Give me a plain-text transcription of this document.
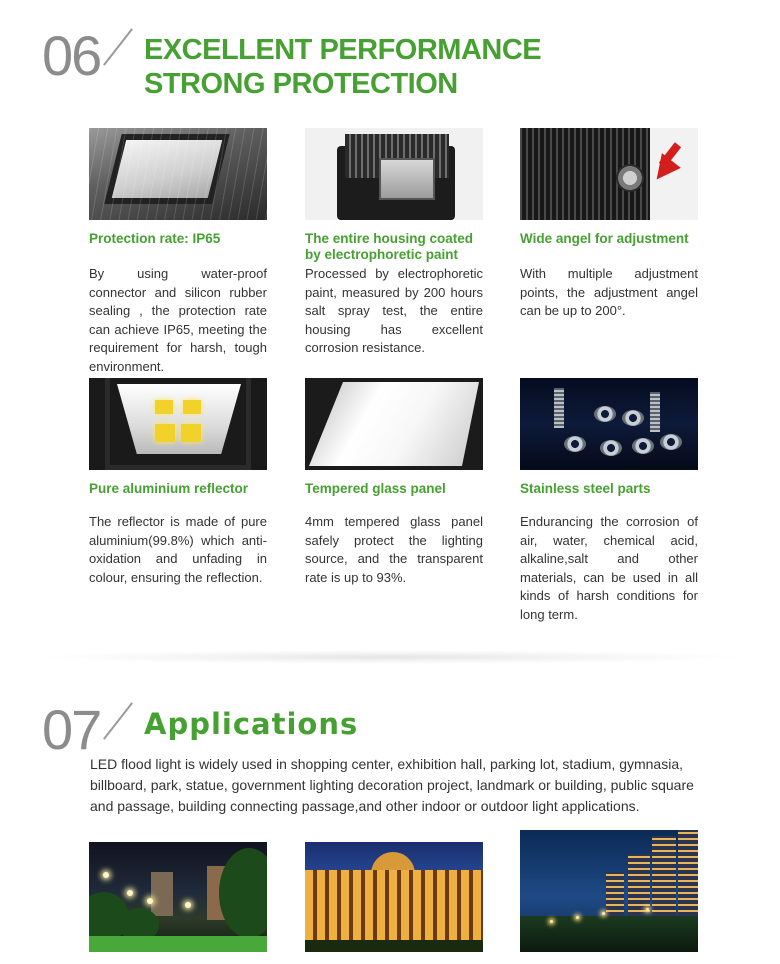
06 EXCELLENT PERFORMANCE
STRONG PROTECTION
Protection rate: IP65
By using water-proof connector and silicon rubber sealing , the protection rate can achieve IP65, meeting the requirement for harsh, tough environment.
The entire housing coated by electrophoretic paint
Processed by electrophoretic paint, measured by 200 hours salt spray test, the entire housing has excellent corrosion resistance.
Wide angel for adjustment
With multiple adjustment points, the adjustment angel can be up to 200°.
Pure aluminium reflector
The reflector is made of pure aluminium(99.8%) which anti-oxidation and unfading in colour, ensuring the reflection.
Tempered glass panel
4mm tempered glass panel safely protect the lighting source, and the transparent rate is up to 93%.
Stainless steel parts
Endurancing the corrosion of air, water, chemical acid, alkaline,salt and other materials, can be used in all kinds of harsh conditions for long term.
07 Applications
LED flood light is widely used in shopping center, exhibition hall, parking lot, stadium, gymnasia, billboard, park, statue, government lighting decoration project, landmark or building, public square and passage, building connecting passage,and other indoor or outdoor light applications.
